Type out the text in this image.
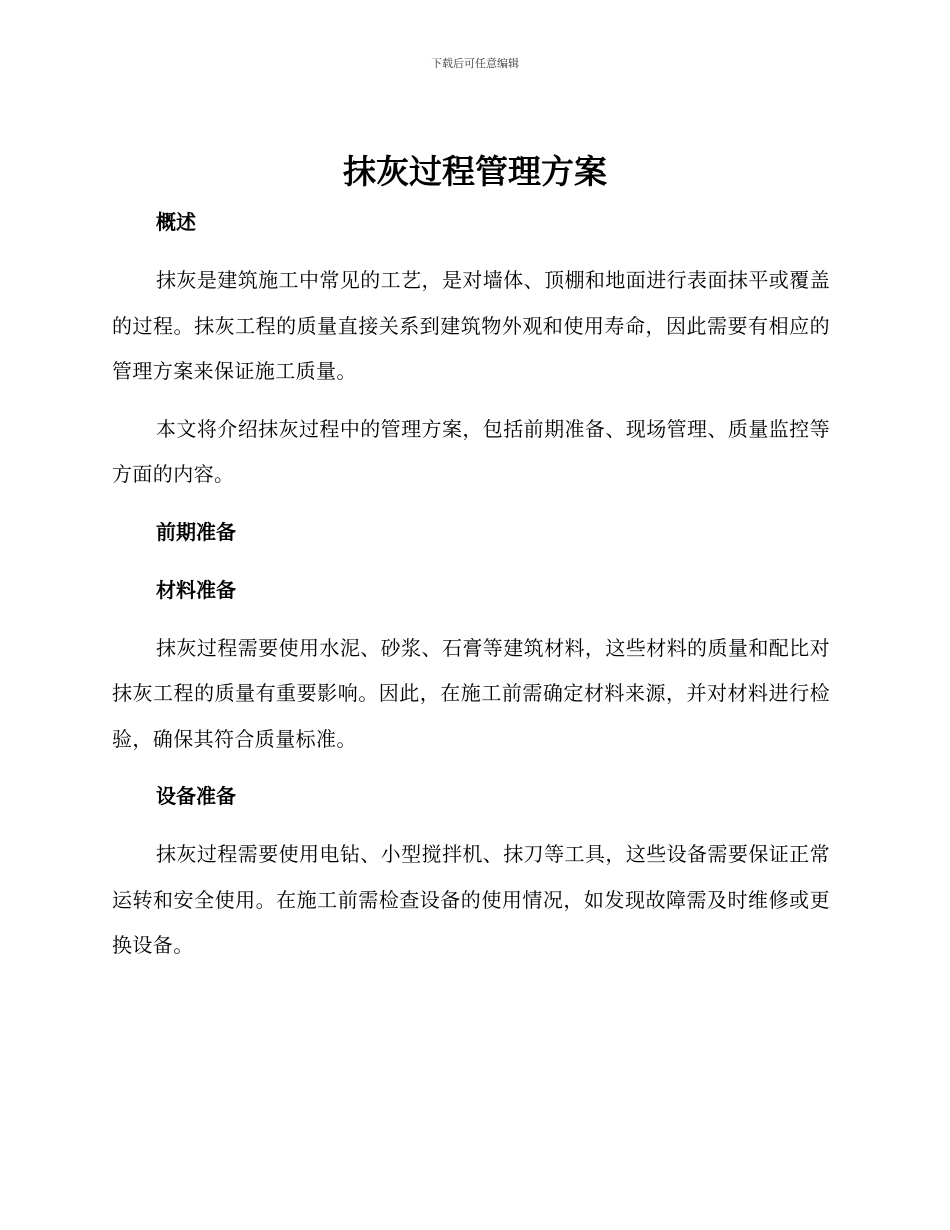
下载后可任意编辑
抹灰过程管理方案
概述

抹灰是建筑施工中常见的工艺，是对墙体、顶棚和地面进行表面抹平或覆盖的过程。抹灰工程的质量直接关系到建筑物外观和使用寿命，因此需要有相应的管理方案来保证施工质量。

本文将介绍抹灰过程中的管理方案，包括前期准备、现场管理、质量监控等方面的内容。

前期准备
材料准备

抹灰过程需要使用水泥、砂浆、石膏等建筑材料，这些材料的质量和配比对抹灰工程的质量有重要影响。因此，在施工前需确定材料来源，并对材料进行检验，确保其符合质量标准。

设备准备

抹灰过程需要使用电钻、小型搅拌机、抹刀等工具，这些设备需要保证正常运转和安全使用。在施工前需检查设备的使用情况，如发现故障需及时维修或更换设备。
